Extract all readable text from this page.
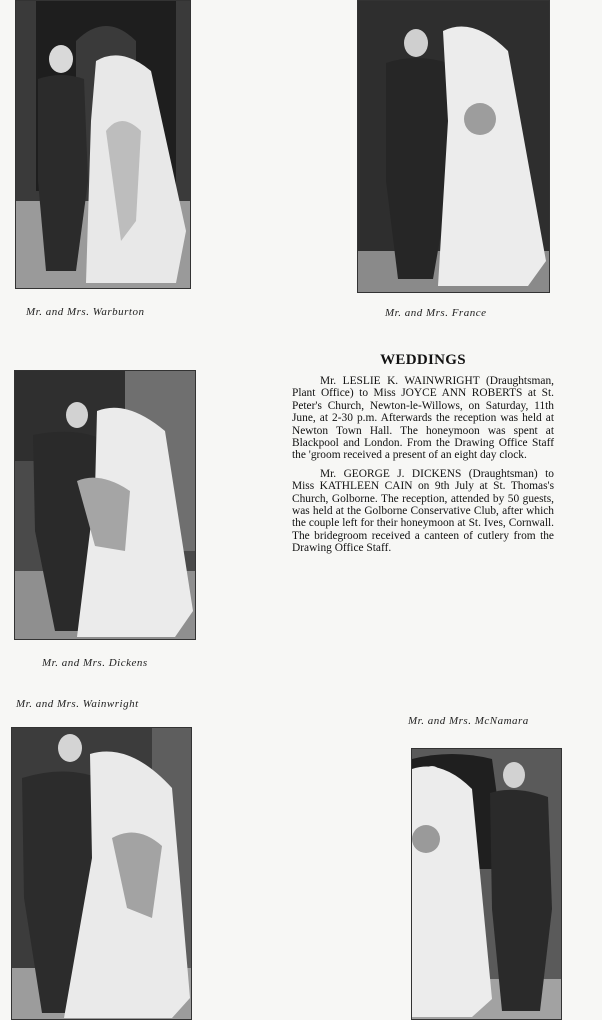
Mr. and Mrs. Warburton	Mr. and Mrs. France
Mr. and Mrs. Dickens
WEDDINGS

Mr. LESLIE K. WAINWRIGHT (Draughtsman, Plant Office) to Miss JOYCE ANN ROBERTS at St. Peter's Church, Newton-le-Willows, on Saturday, 11th June, at 2-30 p.m. Afterwards the reception was held at Newton Town Hall. The honeymoon was spent at Blackpool and London. From the Drawing Office Staff the 'groom received a present of an eight day clock.

Mr. GEORGE J. DICKENS (Draughtsman) to Miss KATHLEEN CAIN on 9th July at St. Thomas's Church, Golborne. The reception, attended by 50 guests, was held at the Golborne Conservative Club, after which the couple left for their honeymoon at St. Ives, Cornwall. The bridegroom received a canteen of cutlery from the Drawing Office Staff.

Mr. and Mrs. Wainwright
Mr. and Mrs. McNamara
